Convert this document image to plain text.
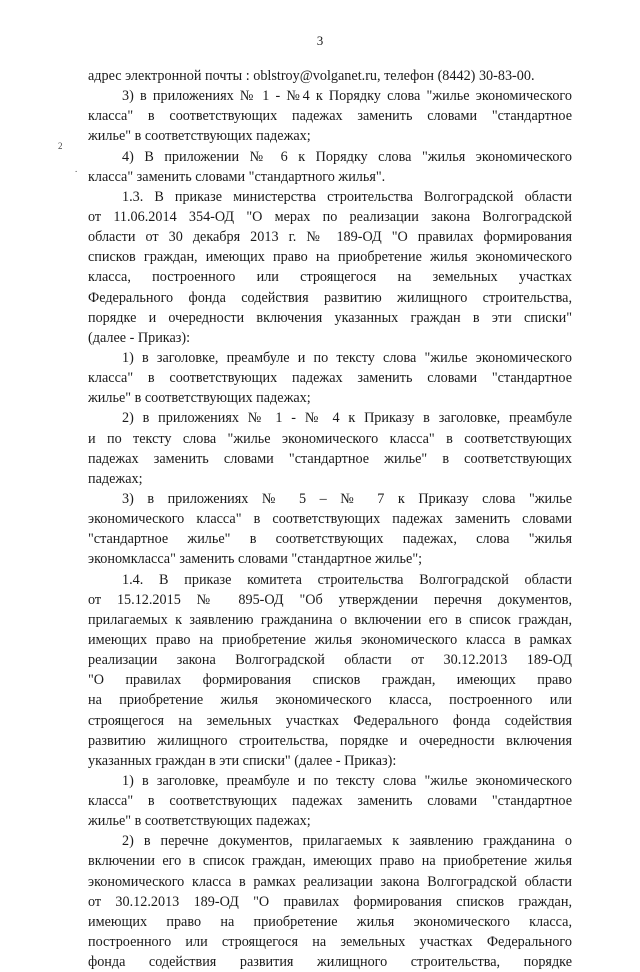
3
2
.
адрес электронной почты : oblstroy@volganet.ru, телефон (8442) 30-83-00.
3) в приложениях № 1 - №4 к Порядку слова "жилье экономического
класса" в соответствующих падежах заменить словами "стандартное
жилье" в соответствующих падежах;
4) В приложении № 6 к Порядку слова "жилья экономического
класса" заменить словами "стандартного жилья".
1.3. В приказе министерства строительства Волгоградской области
от 11.06.2014 354-ОД "О мерах по реализации закона Волгоградской
области от 30 декабря 2013 г. № 189-ОД "О правилах формирования
списков граждан, имеющих право на приобретение жилья экономического
класса, построенного или строящегося на земельных участках
Федерального фонда содействия развитию жилищного строительства,
порядке и очередности включения указанных граждан в эти списки"
(далее - Приказ):
1) в заголовке, преамбуле и по тексту слова "жилье экономического
класса" в соответствующих падежах заменить словами "стандартное
жилье" в соответствующих падежах;
2) в приложениях № 1 - № 4 к Приказу в заголовке, преамбуле
и по тексту слова "жилье экономического класса" в соответствующих
падежах заменить словами "стандартное жилье" в соответствующих
падежах;
3) в приложениях № 5 – № 7 к Приказу слова "жилье
экономического класса" в соответствующих падежах заменить словами
"стандартное жилье" в соответствующих падежах, слова "жилья
экономкласса" заменить словами "стандартное жилье";
1.4. В приказе комитета строительства Волгоградской области
от 15.12.2015 № 895-ОД "Об утверждении перечня документов,
прилагаемых к заявлению гражданина о включении его в список граждан,
имеющих право на приобретение жилья экономического класса в рамках
реализации закона Волгоградской области от 30.12.2013 189-ОД
"О правилах формирования списков граждан, имеющих право
на приобретение жилья экономического класса, построенного или
строящегося на земельных участках Федерального фонда содействия
развитию жилищного строительства, порядке и очередности включения
указанных граждан в эти списки" (далее - Приказ):
1) в заголовке, преамбуле и по тексту слова "жилье экономического
класса" в соответствующих падежах заменить словами "стандартное
жилье" в соответствующих падежах;
2) в перечне документов, прилагаемых к заявлению гражданина о
включении его в список граждан, имеющих право на приобретение жилья
экономического класса в рамках реализации закона Волгоградской области
от 30.12.2013 189-ОД "О правилах формирования списков граждан,
имеющих право на приобретение жилья экономического класса,
построенного или строящегося на земельных участках Федерального
фонда содействия развития жилищного строительства, порядке
